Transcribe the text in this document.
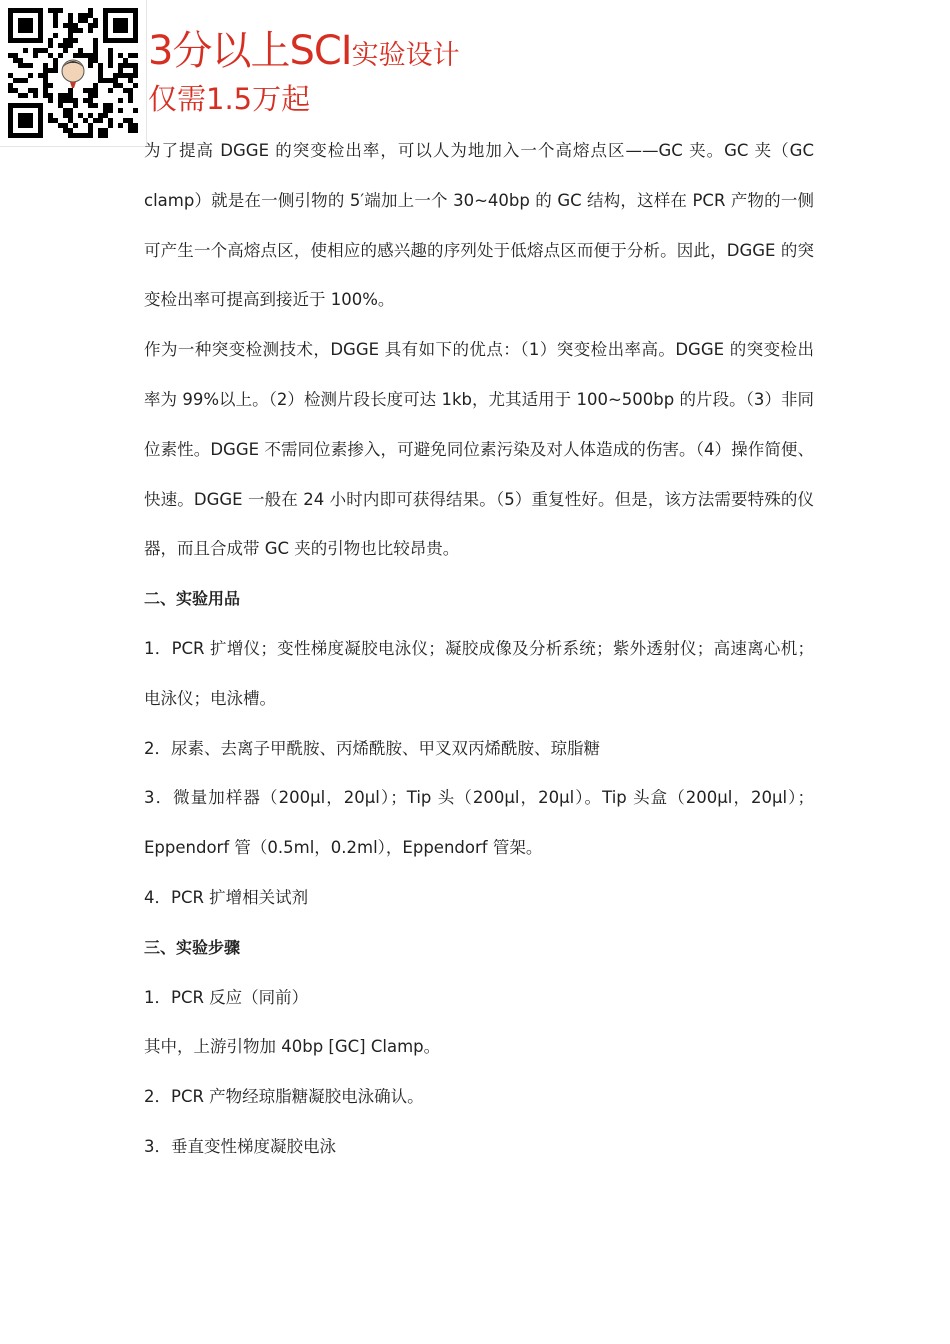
3分以上SCI实验设计
仅需1.5万起

为了提高 DGGE 的突变检出率，可以人为地加入一个高熔点区——GC 夹。GC 夹（GC clamp）就是在一侧引物的 5′端加上一个 30~40bp 的 GC 结构，这样在 PCR 产物的一侧可产生一个高熔点区，使相应的感兴趣的序列处于低熔点区而便于分析。因此，DGGE 的突变检出率可提高到接近于 100%。

作为一种突变检测技术，DGGE 具有如下的优点：（1）突变检出率高。DGGE 的突变检出率为 99%以上。（2）检测片段长度可达 1kb，尤其适用于 100~500bp 的片段。（3）非同位素性。DGGE 不需同位素掺入，可避免同位素污染及对人体造成的伤害。（4）操作简便、快速。DGGE 一般在 24 小时内即可获得结果。（5）重复性好。但是，该方法需要特殊的仪器，而且合成带 GC 夹的引物也比较昂贵。

二、实验用品

1．PCR 扩增仪；变性梯度凝胶电泳仪；凝胶成像及分析系统；紫外透射仪；高速离心机；电泳仪；电泳槽。

2．尿素、去离子甲酰胺、丙烯酰胺、甲叉双丙烯酰胺、琼脂糖

3．微量加样器（200μl，20μl）；Tip 头（200μl，20μl）。Tip 头盒（200μl，20μl）；Eppendorf 管（0.5ml，0.2ml），Eppendorf 管架。

4．PCR 扩增相关试剂

三、实验步骤

1．PCR 反应（同前）

其中，上游引物加 40bp [GC] Clamp。

2．PCR 产物经琼脂糖凝胶电泳确认。

3．垂直变性梯度凝胶电泳
